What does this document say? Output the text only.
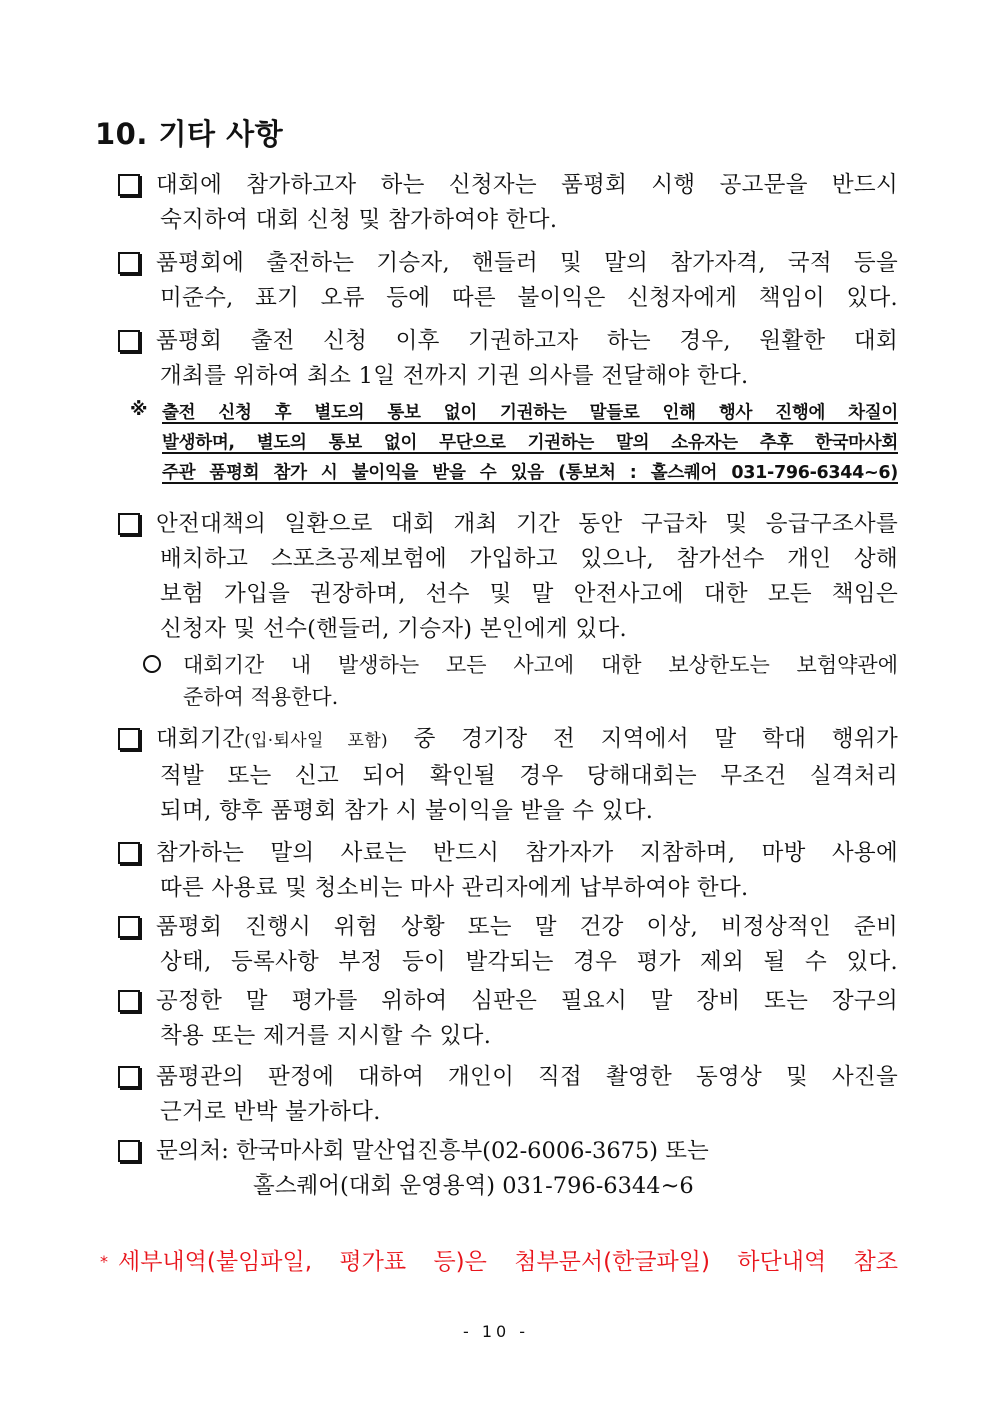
10. 기타 사항
대회에 참가하고자 하는 신청자는 품평회 시행 공고문을 반드시
숙지하여 대회 신청 및 참가하여야 한다.
품평회에 출전하는 기승자, 핸들러 및 말의 참가자격, 국적 등을
미준수, 표기 오류 등에 따른 불이익은 신청자에게 책임이 있다.
품평회 출전 신청 이후 기권하고자 하는 경우, 원활한 대회
개최를 위하여 최소 1일 전까지 기권 의사를 전달해야 한다.
※ 출전 신청 후 별도의 통보 없이 기권하는 말들로 인해 행사 진행에 차질이
발생하며, 별도의 통보 없이 무단으로 기권하는 말의 소유자는 추후 한국마사회
주관 품평회 참가 시 불이익을 받을 수 있음 (통보처 : 홀스퀘어 031-796-6344~6)
안전대책의 일환으로 대회 개최 기간 동안 구급차 및 응급구조사를
배치하고 스포츠공제보험에 가입하고 있으나, 참가선수 개인 상해
보험 가입을 권장하며, 선수 및 말 안전사고에 대한 모든 책임은
신청자 및 선수(핸들러, 기승자) 본인에게 있다.
대회기간 내 발생하는 모든 사고에 대한 보상한도는 보험약관에
준하여 적용한다.
대회기간(입·퇴사일 포함) 중 경기장 전 지역에서 말 학대 행위가
적발 또는 신고 되어 확인될 경우 당해대회는 무조건 실격처리
되며, 향후 품평회 참가 시 불이익을 받을 수 있다.
참가하는 말의 사료는 반드시 참가자가 지참하며, 마방 사용에
따른 사용료 및 청소비는 마사 관리자에게 납부하여야 한다.
품평회 진행시 위험 상황 또는 말 건강 이상, 비정상적인 준비
상태, 등록사항 부정 등이 발각되는 경우 평가 제외 될 수 있다.
공정한 말 평가를 위하여 심판은 필요시 말 장비 또는 장구의
착용 또는 제거를 지시할 수 있다.
품평관의 판정에 대하여 개인이 직접 촬영한 동영상 및 사진을
근거로 반박 불가하다.
문의처: 한국마사회 말산업진흥부(02-6006-3675) 또는
홀스퀘어(대회 운영용역) 031-796-6344~6
* 세부내역(붙임파일, 평가표 등)은 첨부문서(한글파일) 하단내역 참조
- 10 -
